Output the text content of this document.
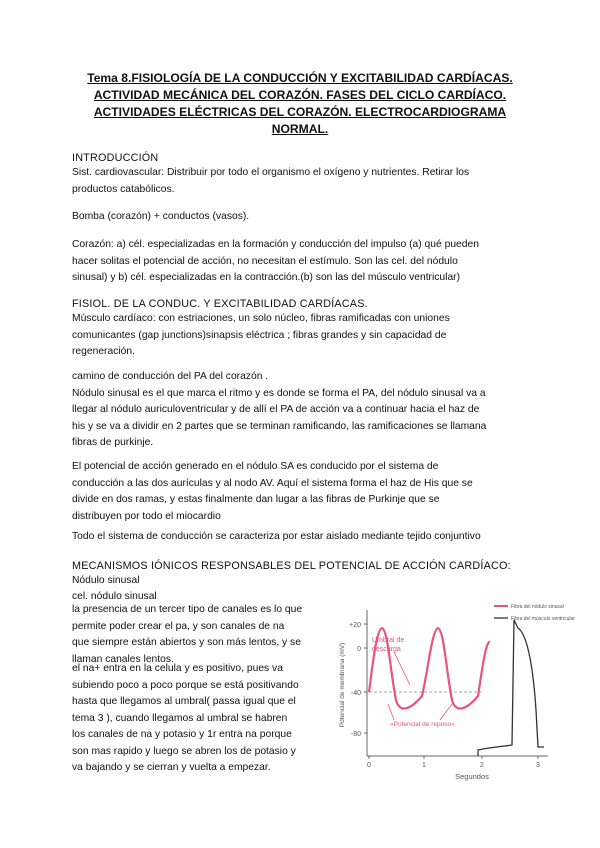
Tema 8.FISIOLOGÍA DE LA CONDUCCIÓN Y EXCITABILIDAD CARDÍACAS.
ACTIVIDAD MECÁNICA DEL CORAZÓN. FASES DEL CICLO CARDÍACO.
ACTIVIDADES ELÉCTRICAS DEL CORAZÓN. ELECTROCARDIOGRAMA
NORMAL.
INTRODUCCIÓN
Sist. cardiovascular: Distribuir por todo el organismo el oxígeno y nutrientes. Retirar los
productos catabólicos.
Bomba (corazón) + conductos (vasos).
Corazón: a) cél. especializadas en la formación y conducción del impulso (a) qué pueden
hacer solitas el potencial de acción, no necesitan el estímulo. Son las cel. del nódulo
sinusal) y b) cél. especializadas en la contracción.(b) son las del músculo ventricular)
FISIOL. DE LA CONDUC. Y EXCITABILIDAD CARDÍACAS.
Músculo cardíaco: con estriaciones, un solo núcleo, fibras ramificadas con uniones
comunicantes (gap junctions)sinapsis eléctrica ; fibras grandes y sin capacidad de
regeneración.
camino de conducción del PA del corazón .
Nódulo sinusal es el que marca el ritmo y es donde se forma el PA, del nódulo sinusal va a
llegar al nódulo auriculoventricular y de allí el PA de acción va a continuar hacia el haz de
his y se va a dividir en 2 partes que se terminan ramificando, las ramificaciones se llamana
fibras de purkinje.
El potencial de acción generado en el nódulo SA es conducido por el sistema de
conducción a las dos aurículas y al nodo AV. Aquí el sistema forma el haz de His que se
divide en dos ramas, y estas finalmente dan lugar a las fibras de Purkinje que se
distribuyen por todo el miocardio
Todo el sistema de conducción se caracteriza por estar aislado mediante tejido conjuntivo
MECANISMOS IÓNICOS RESPONSABLES DEL POTENCIAL DE ACCIÓN CARDÍACO:
Nódulo sinusal
cel. nódulo sinusal
la presencia de un tercer tipo de canales es lo que
permite poder crear el pa, y son canales de na
que siempre están abiertos y son más lentos, y se
llaman canales lentos.
el na+ entra en la celula y es positivo, pues va
subiendo poco a poco porque se está positivando
hasta que llegamos al umbral( passa igual que el
tema 3 ), cuando llegamos al umbral se habren
los canales de na y potasio y 1r entra na porque
son mas rapido y luego se abren los de potasio y
va bajando y se cierran y vuelta a empezar.
+20
0
-40
-80
0	1	2	3
Potencial de membrana (mV)
Segundos
Umbral de
descarga
«Potencial de reposo»
Fibra del nódulo sinusal
Fibra del músculo ventricular
